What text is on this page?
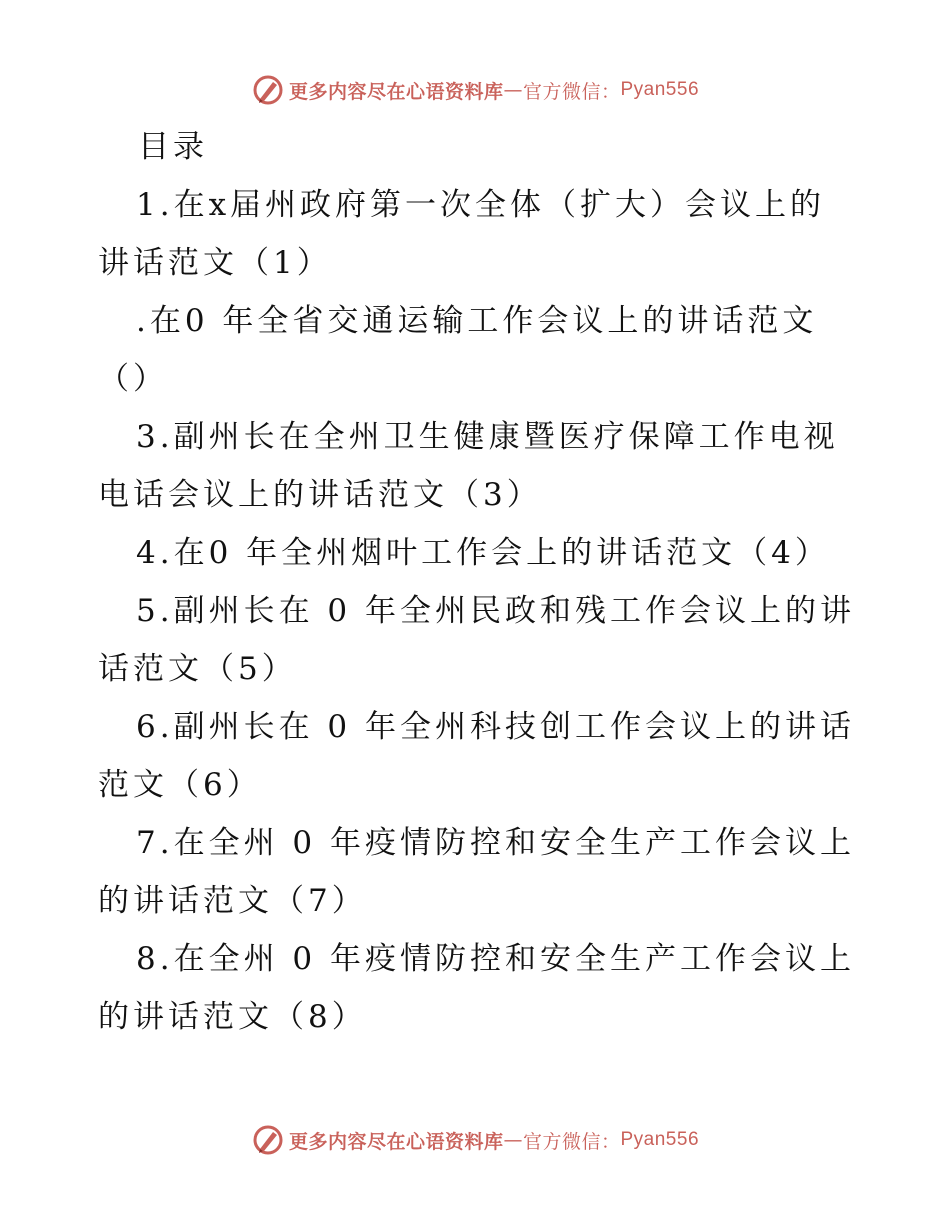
更多内容尽在心语资料库 — 官方微信： Pyan556
目录

1.在x届州政府第一次全体（扩大）会议上的讲话范文（1）

.在0 年全省交通运输工作会议上的讲话范文（）

3.副州长在全州卫生健康暨医疗保障工作电视电话会议上的讲话范文（3）

4.在0 年全州烟叶工作会上的讲话范文（4）

5.副州长在 0 年全州民政和残工作会议上的讲话范文（5）

6.副州长在 0 年全州科技创工作会议上的讲话范文（6）

7.在全州 0 年疫情防控和安全生产工作会议上的讲话范文（7）

8.在全州 0 年疫情防控和安全生产工作会议上的讲话范文（8）

更多内容尽在心语资料库 — 官方微信： Pyan556
